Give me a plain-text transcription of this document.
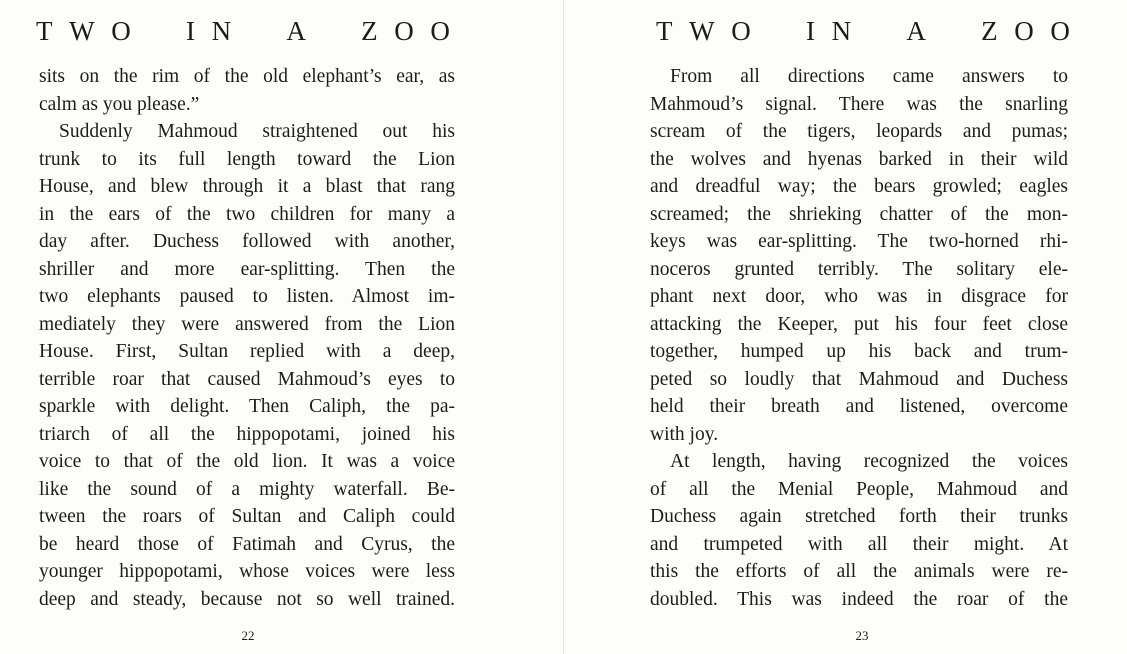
T W O I N A Z O O
sits on the rim of the old elephant’s ear, as
calm as you please.”
Suddenly Mahmoud straightened out his
trunk to its full length toward the Lion
House, and blew through it a blast that rang
in the ears of the two children for many a
day after. Duchess followed with another,
shriller and more ear-splitting. Then the
two elephants paused to listen. Almost im-
mediately they were answered from the Lion
House. First, Sultan replied with a deep,
terrible roar that caused Mahmoud’s eyes to
sparkle with delight. Then Caliph, the pa-
triarch of all the hippopotami, joined his
voice to that of the old lion. It was a voice
like the sound of a mighty waterfall. Be-
tween the roars of Sultan and Caliph could
be heard those of Fatimah and Cyrus, the
younger hippopotami, whose voices were less
deep and steady, because not so well trained.
22
T W O I N A Z O O
From all directions came answers to
Mahmoud’s signal. There was the snarling
scream of the tigers, leopards and pumas;
the wolves and hyenas barked in their wild
and dreadful way; the bears growled; eagles
screamed; the shrieking chatter of the mon-
keys was ear-splitting. The two-horned rhi-
noceros grunted terribly. The solitary ele-
phant next door, who was in disgrace for
attacking the Keeper, put his four feet close
together, humped up his back and trum-
peted so loudly that Mahmoud and Duchess
held their breath and listened, overcome
with joy.
At length, having recognized the voices
of all the Menial People, Mahmoud and
Duchess again stretched forth their trunks
and trumpeted with all their might. At
this the efforts of all the animals were re-
doubled. This was indeed the roar of the
23
